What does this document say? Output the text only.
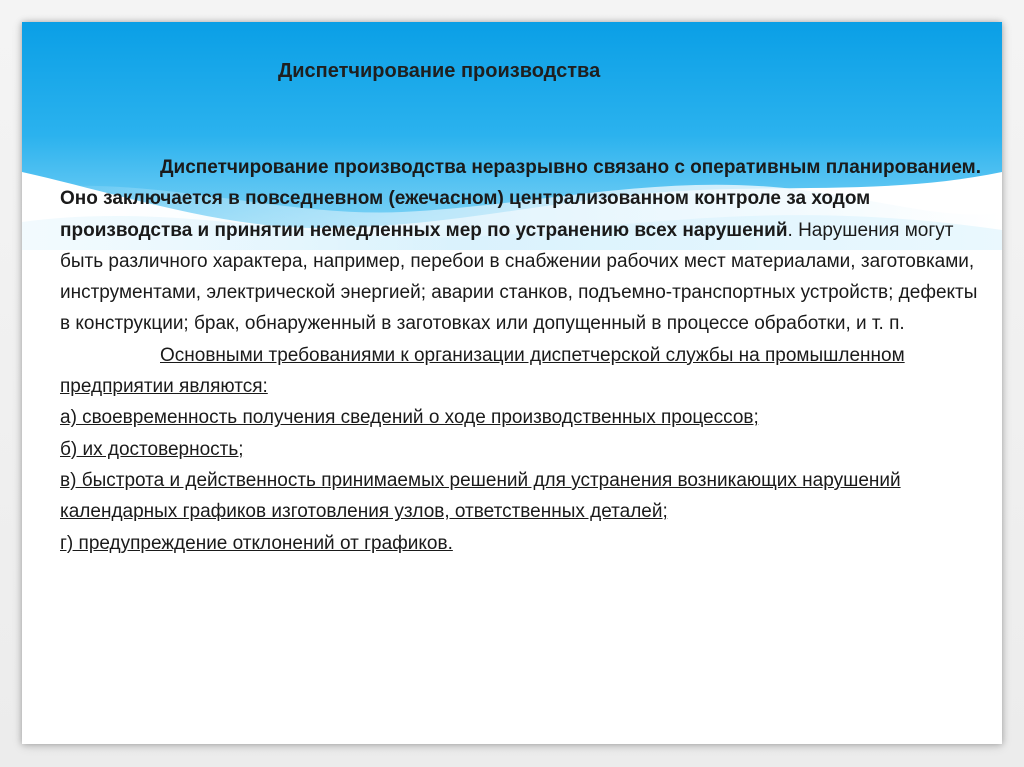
Диспетчирование производства

Диспетчирование производства неразрывно связано с оперативным планированием. Оно заключается в повседневном (ежечасном) централизованном контроле за ходом производства и принятии немедленных мер по устранению всех нарушений. Нарушения могут быть различного характера, например, перебои в снабжении рабочих мест материалами, заготовками, инструментами, электрической энергией; аварии станков, подъемно-транспортных устройств; дефекты в конструкции; брак, обнаруженный в заготовках или допущенный в процессе обработки, и т. п.

Основными требованиями к организации диспетчерской службы на промышленном предприятии являются:

а) своевременность получения сведений о ходе производственных процессов;

б) их достоверность;

в) быстрота и действенность принимаемых решений для устранения возникающих нарушений календарных графиков изготовления узлов, ответственных деталей;

г) предупреждение отклонений от графиков.
